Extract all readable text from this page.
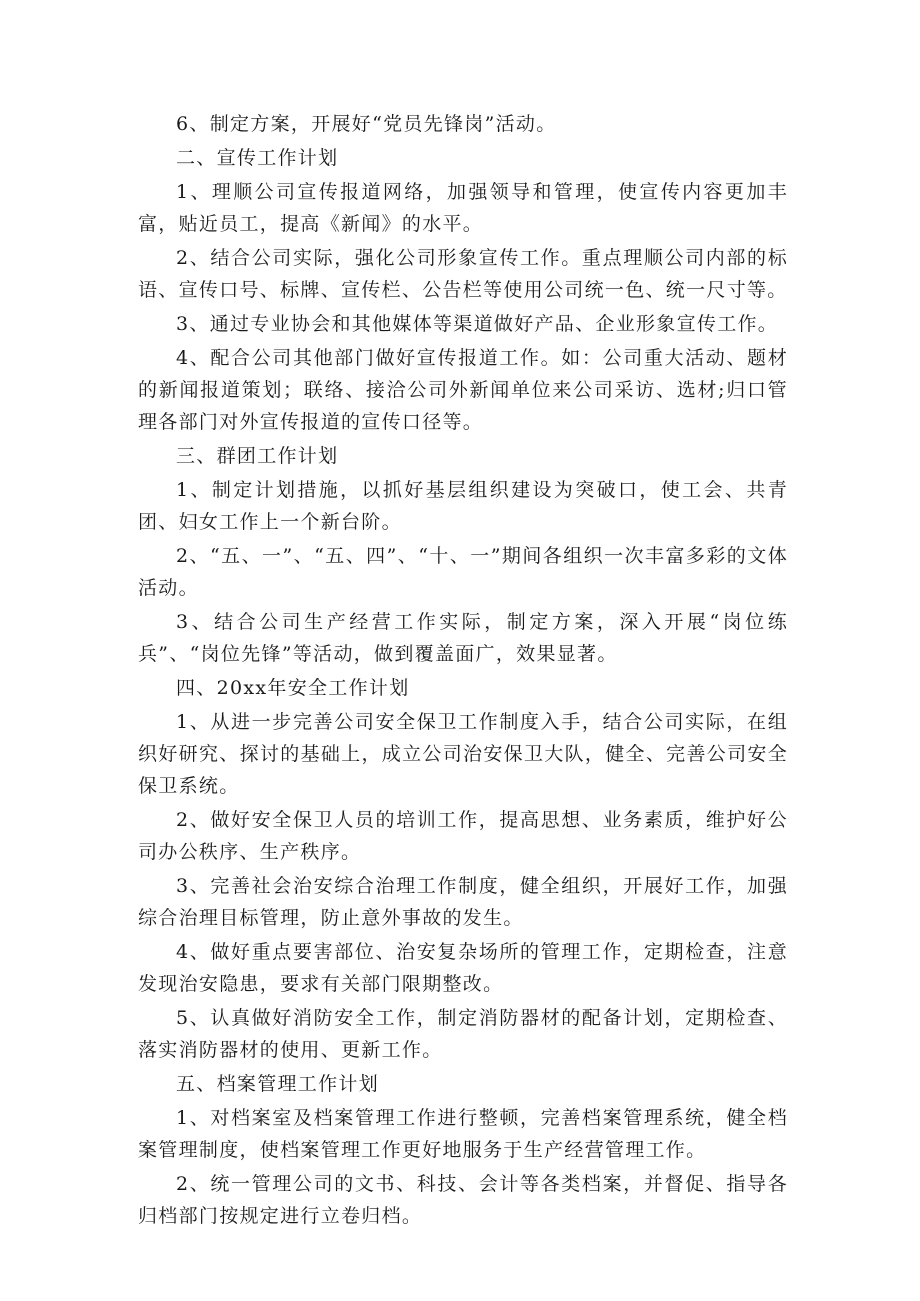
6、制定方案，开展好“党员先锋岗”活动。

二、宣传工作计划

1、理顺公司宣传报道网络，加强领导和管理，使宣传内容更加丰富，贴近员工，提高《新闻》的水平。

2、结合公司实际，强化公司形象宣传工作。重点理顺公司内部的标语、宣传口号、标牌、宣传栏、公告栏等使用公司统一色、统一尺寸等。

3、通过专业协会和其他媒体等渠道做好产品、企业形象宣传工作。

4、配合公司其他部门做好宣传报道工作。如：公司重大活动、题材的新闻报道策划；联络、接洽公司外新闻单位来公司采访、选材;归口管理各部门对外宣传报道的宣传口径等。

三、群团工作计划

1、制定计划措施，以抓好基层组织建设为突破口，使工会、共青团、妇女工作上一个新台阶。

2、“五、一”、“五、四”、“十、一”期间各组织一次丰富多彩的文体活动。

3、结合公司生产经营工作实际，制定方案，深入开展“岗位练兵”、“岗位先锋”等活动，做到覆盖面广，效果显著。

四、20xx年安全工作计划

1、从进一步完善公司安全保卫工作制度入手，结合公司实际，在组织好研究、探讨的基础上，成立公司治安保卫大队，健全、完善公司安全保卫系统。

2、做好安全保卫人员的培训工作，提高思想、业务素质，维护好公司办公秩序、生产秩序。

3、完善社会治安综合治理工作制度，健全组织，开展好工作，加强综合治理目标管理，防止意外事故的发生。

4、做好重点要害部位、治安复杂场所的管理工作，定期检查，注意发现治安隐患，要求有关部门限期整改。

5、认真做好消防安全工作，制定消防器材的配备计划，定期检查、落实消防器材的使用、更新工作。

五、档案管理工作计划

1、对档案室及档案管理工作进行整顿，完善档案管理系统，健全档案管理制度，使档案管理工作更好地服务于生产经营管理工作。

2、统一管理公司的文书、科技、会计等各类档案，并督促、指导各归档部门按规定进行立卷归档。
